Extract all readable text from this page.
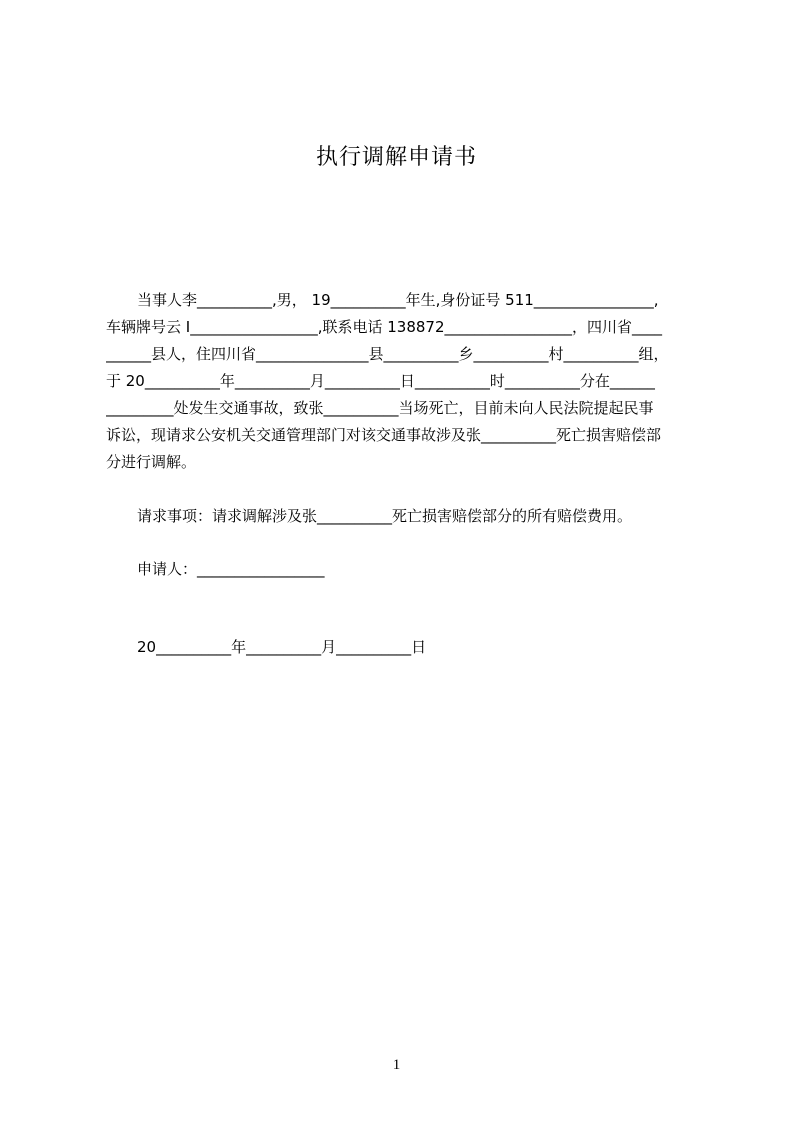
执行调解申请书
当事人李__________,男， 19__________年生,身份证号 511________________,
车辆牌号云 I_________________,联系电话 138872_________________，四川省____
______县人，住四川省_______________县__________乡__________村__________组，
于 20__________年__________月__________日__________时__________分在______
_________处发生交通事故，致张__________当场死亡，目前未向人民法院提起民事
诉讼，现请求公安机关交通管理部门对该交通事故涉及张__________死亡损害赔偿部
分进行调解。
请求事项：请求调解涉及张__________死亡损害赔偿部分的所有赔偿费用。
申请人：_________________
20__________年__________月__________日
1
